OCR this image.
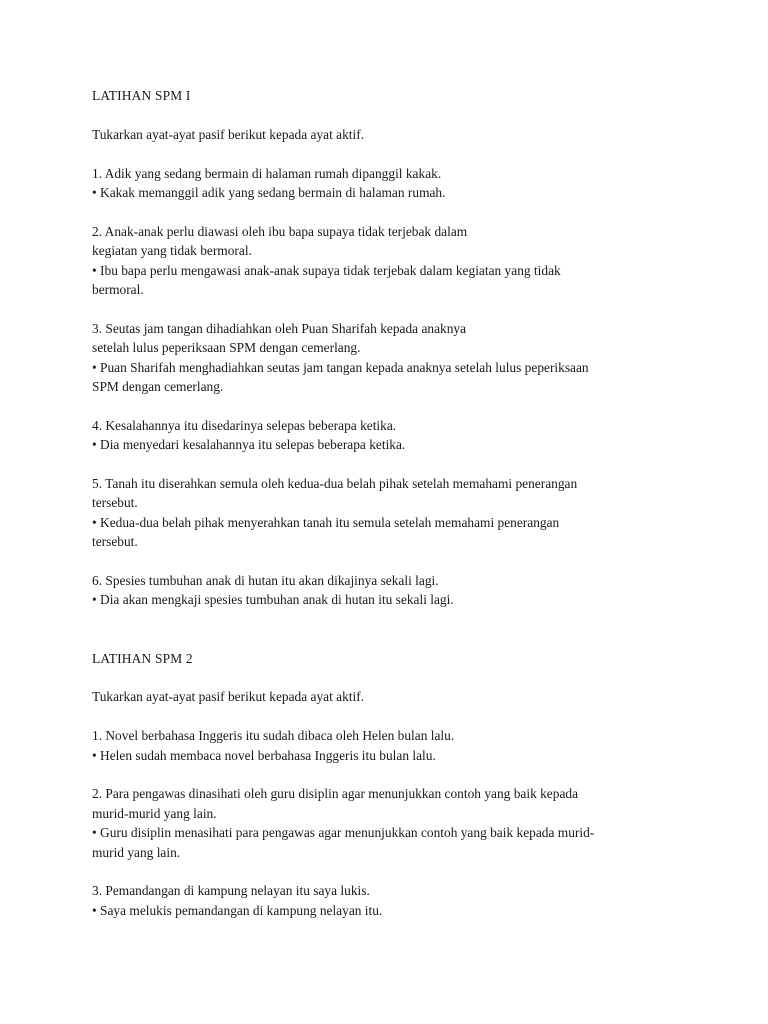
LATIHAN SPM I
Tukarkan ayat-ayat pasif berikut kepada ayat aktif.
1. Adik yang sedang bermain di halaman rumah dipanggil kakak.
• Kakak memanggil adik yang sedang bermain di halaman rumah.
2. Anak-anak perlu diawasi oleh ibu bapa supaya tidak terjebak dalam
kegiatan yang tidak bermoral.
• Ibu bapa perlu mengawasi anak-anak supaya tidak terjebak dalam kegiatan yang tidak
bermoral.
3. Seutas jam tangan dihadiahkan oleh Puan Sharifah kepada anaknya
setelah lulus peperiksaan SPM dengan cemerlang.
• Puan Sharifah menghadiahkan seutas jam tangan kepada anaknya setelah lulus peperiksaan
SPM dengan cemerlang.
4. Kesalahannya itu disedarinya selepas beberapa ketika.
• Dia menyedari kesalahannya itu selepas beberapa ketika.
5. Tanah itu diserahkan semula oleh kedua-dua belah pihak setelah memahami penerangan
tersebut.
• Kedua-dua belah pihak menyerahkan tanah itu semula setelah memahami penerangan
tersebut.
6. Spesies tumbuhan anak di hutan itu akan dikajinya sekali lagi.
• Dia akan mengkaji spesies tumbuhan anak di hutan itu sekali lagi.
LATIHAN SPM 2
Tukarkan ayat-ayat pasif berikut kepada ayat aktif.
1. Novel berbahasa Inggeris itu sudah dibaca oleh Helen bulan lalu.
• Helen sudah membaca novel berbahasa Inggeris itu bulan lalu.
2. Para pengawas dinasihati oleh guru disiplin agar menunjukkan contoh yang baik kepada
murid-murid yang lain.
• Guru disiplin menasihati para pengawas agar menunjukkan contoh yang baik kepada murid-
murid yang lain.
3. Pemandangan di kampung nelayan itu saya lukis.
• Saya melukis pemandangan di kampung nelayan itu.
